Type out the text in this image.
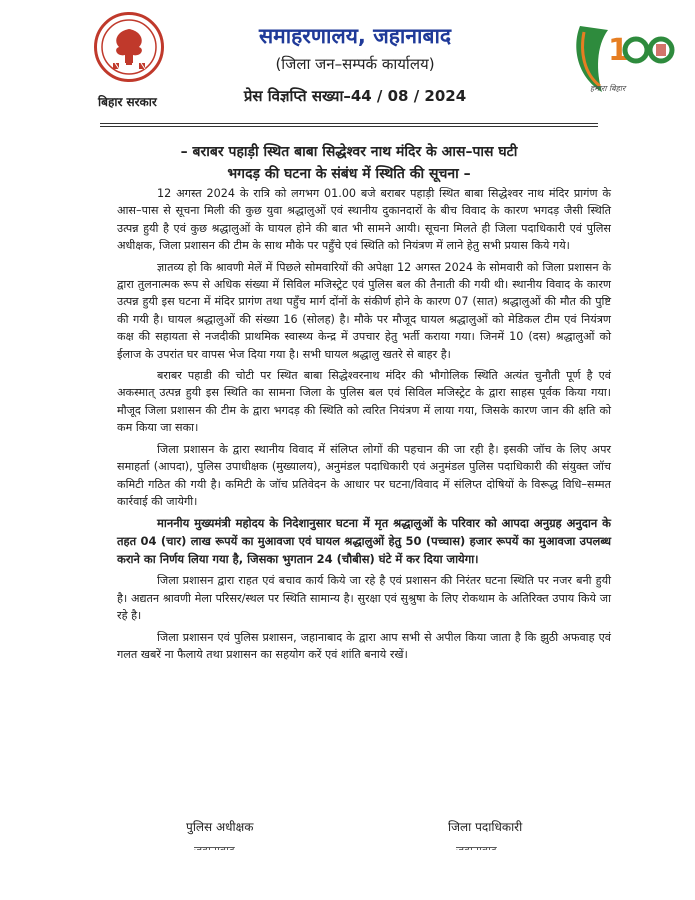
बिहार सरकार
समाहरणालय, जहानाबाद
(जिला जन–सम्पर्क कार्यालय)
प्रेस विज्ञप्ति सख्या–44 / 08 / 2024
1
हमारा बिहार
– बराबर पहाड़ी स्थित बाबा सिद्धेश्वर नाथ मंदिर के आस–पास घटी
भगदड़ की घटना के संबंध में स्थिति की सूचना –

12 अगस्त 2024 के रात्रि को लगभग 01.00 बजे बराबर पहाड़ी स्थित बाबा सिद्धेश्वर नाथ मंदिर प्रागंण के आस–पास से सूचना मिली की कुछ युवा श्रद्धालुओं एवं स्थानीय दुकानदारों के बीच विवाद के कारण भगदड़ जैसी स्थिति उत्पन्न हुयी है एवं कुछ श्रद्धालुओं के घायल होने की बात भी सामने आयी। सूचना मिलते ही जिला पदाधिकारी एवं पुलिस अधीक्षक, जिला प्रशासन की टीम के साथ मौके पर पहुँचे एवं स्थिति को नियंत्रण में लाने हेतु सभी प्रयास किये गये।

ज्ञातव्य हो कि श्रावणी मेलें में पिछले सोमवारियों की अपेक्षा 12 अगस्त 2024 के सोमवारी को जिला प्रशासन के द्वारा तुलनात्मक रूप से अधिक संख्या में सिविल मजिस्ट्रेट एवं पुलिस बल की तैनाती की गयी थी। स्थानीय विवाद के कारण उत्पन्न हुयी इस घटना में मंदिर प्रागंण तथा पहुँच मार्ग दोंनों के संकीर्ण होने के कारण 07 (सात) श्रद्धालुओं की मौत की पुष्टि की गयी है। घायल श्रद्धालुओं की संख्या 16 (सोलह) है। मौके पर मौजूद घायल श्रद्धालुओं को मेडिकल टीम एवं नियंत्रण कक्ष की सहायता से नजदीकी प्राथमिक स्वास्थ्य केन्द्र में उपचार हेतु भर्ती कराया गया। जिनमें 10 (दस) श्रद्धालुओं को ईलाज के उपरांत घर वापस भेज दिया गया है। सभी घायल श्रद्धालु खतरे से बाहर है।

बराबर पहाडी की चोटी पर स्थित बाबा सिद्धेश्वरनाथ मंदिर की भौगोलिक स्थिति अत्यंत चुनौती पूर्ण है एवं अकस्मात् उत्पन्न हुयी इस स्थिति का सामना जिला के पुलिस बल एवं सिविल मजिस्ट्रेट के द्वारा साहस पूर्वक किया गया। मौजूद जिला प्रशासन की टीम के द्वारा भगदड़ की स्थिति को त्वरित नियंत्रण में लाया गया, जिसके कारण जान की क्षति को कम किया जा सका।

जिला प्रशासन के द्वारा स्थानीय विवाद में संलिप्त लोगों की पहचान की जा रही है। इसकी जॉच के लिए अपर समाहर्ता (आपदा), पुलिस उपाधीक्षक (मुख्यालय), अनुमंडल पदाधिकारी एवं अनुमंडल पुलिस पदाधिकारी की संयुक्त जॉच कमिटी गठित की गयी है। कमिटी के जॉच प्रतिवेदन के आधार पर घटना/विवाद में संलिप्त दोषियों के विरूद्ध विधि–सम्मत कार्रवाई की जायेगी।

माननीय मुख्यमंत्री महोदय के निदेशानुसार घटना में मृत श्रद्धालुओं के परिवार को आपदा अनुग्रह अनुदान के तहत 04 (चार) लाख रूपयें का मुआवजा एवं घायल श्रद्धालुओं हेतु 50 (पच्चास) हजार रूपयें का मुआवजा उपलब्ध कराने का निर्णय लिया गया है, जिसका भुगतान 24 (चौबीस) घंटे में कर दिया जायेगा।

जिला प्रशासन द्वारा राहत एवं बचाव कार्य किये जा रहे है एवं प्रशासन की निरंतर घटना स्थिति पर नजर बनी हुयी है। अद्यतन श्रावणी मेला परिसर/स्थल पर स्थिति सामान्य है। सुरक्षा एवं सुश्रुषा के लिए रोकथाम के अतिरिक्त उपाय किये जा रहे है।

जिला प्रशासन एवं पुलिस प्रशासन, जहानाबाद के द्वारा आप सभी से अपील किया जाता है कि झुठी अफवाह एवं गलत खबरें ना फैलाये तथा प्रशासन का सहयोग करें एवं शांति बनाये रखें।

पुलिस अधीक्षक	जिला पदाधिकारी
